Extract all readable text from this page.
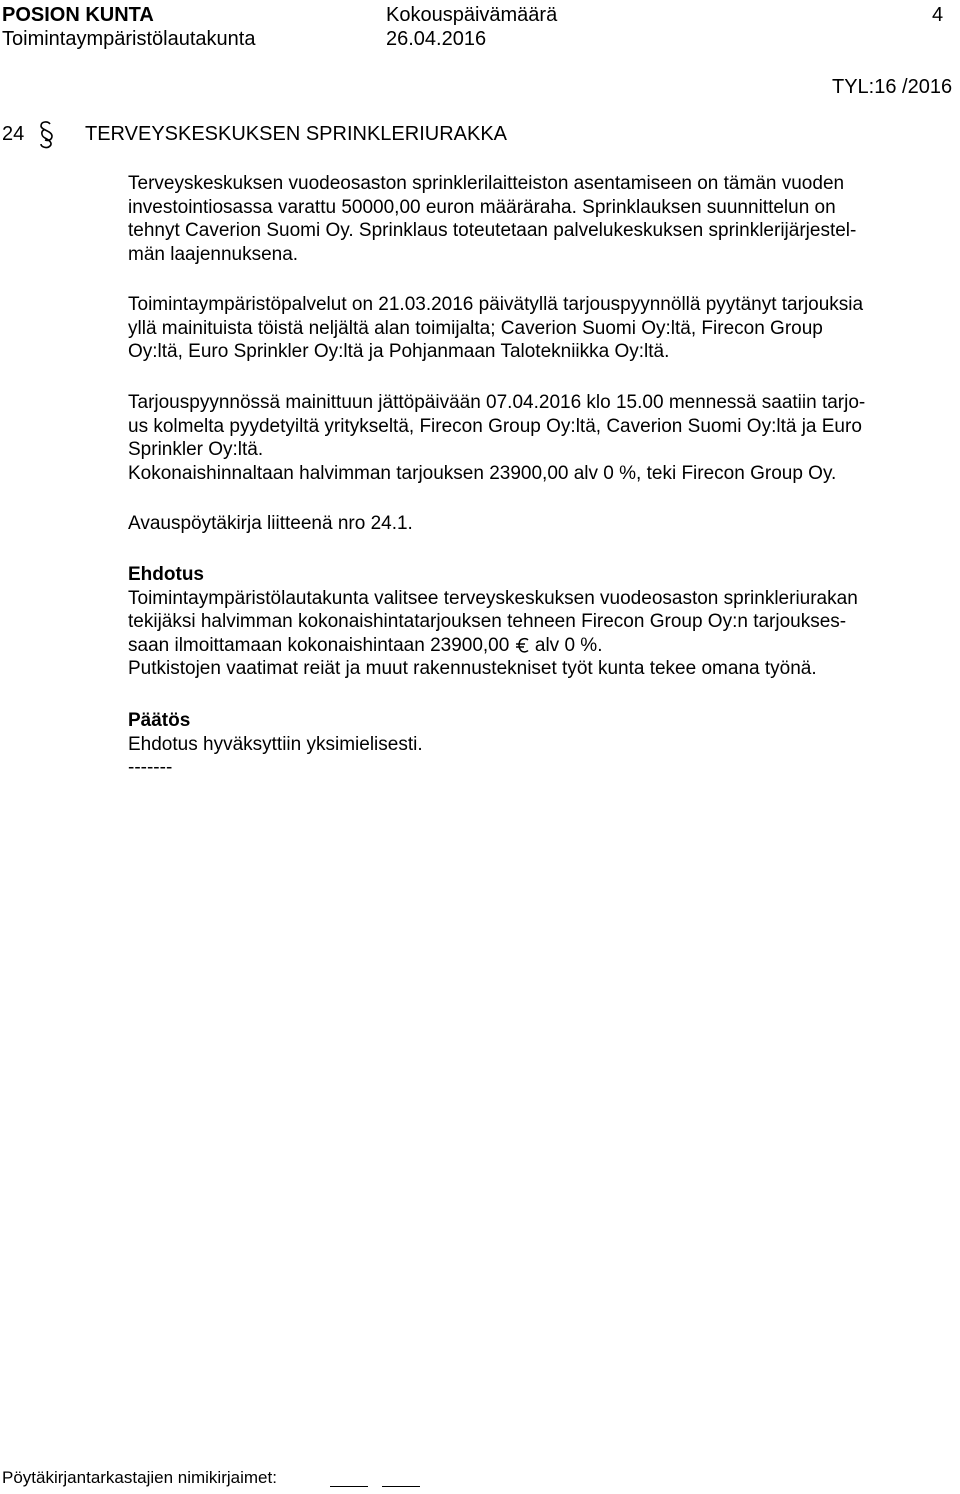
POSION KUNTA	Kokouspäivämäärä	4
Toimintaympäristölautakunta	26.04.2016
TYL:16 /2016
24	TERVEYSKESKUKSEN SPRINKLERIURAKKA
Terveyskeskuksen vuodeosaston sprinklerilaitteiston asentamiseen on tämän vuoden
investointiosassa varattu 50000,00 euron määräraha. Sprinklauksen suunnittelun on
tehnyt Caverion Suomi Oy. Sprinklaus toteutetaan palvelukeskuksen sprinklerijärjestel-
män laajennuksena.
Toimintaympäristöpalvelut on 21.03.2016 päivätyllä tarjouspyynnöllä pyytänyt tarjouksia
yllä mainituista töistä neljältä alan toimijalta; Caverion Suomi Oy:ltä, Firecon Group
Oy:ltä, Euro Sprinkler Oy:ltä ja Pohjanmaan Talotekniikka Oy:ltä.
Tarjouspyynnössä mainittuun jättöpäivään 07.04.2016 klo 15.00 mennessä saatiin tarjo-
us kolmelta pyydetyiltä yritykseltä, Firecon Group Oy:ltä, Caverion Suomi Oy:ltä ja Euro
Sprinkler Oy:ltä.
Kokonaishinnaltaan halvimman tarjouksen 23900,00 alv 0 %, teki Firecon Group Oy.
Avauspöytäkirja liitteenä nro 24.1.
Ehdotus
Toimintaympäristölautakunta valitsee terveyskeskuksen vuodeosaston sprinkleriurakan
tekijäksi halvimman kokonaishintatarjouksen tehneen Firecon Group Oy:n tarjoukses-
saan ilmoittamaan kokonaishintaan 23900,00 alv 0 %.
Putkistojen vaatimat reiät ja muut rakennustekniset työt kunta tekee omana työnä.
Päätös
Ehdotus hyväksyttiin yksimielisesti.
-------
Pöytäkirjantarkastajien nimikirjaimet:
